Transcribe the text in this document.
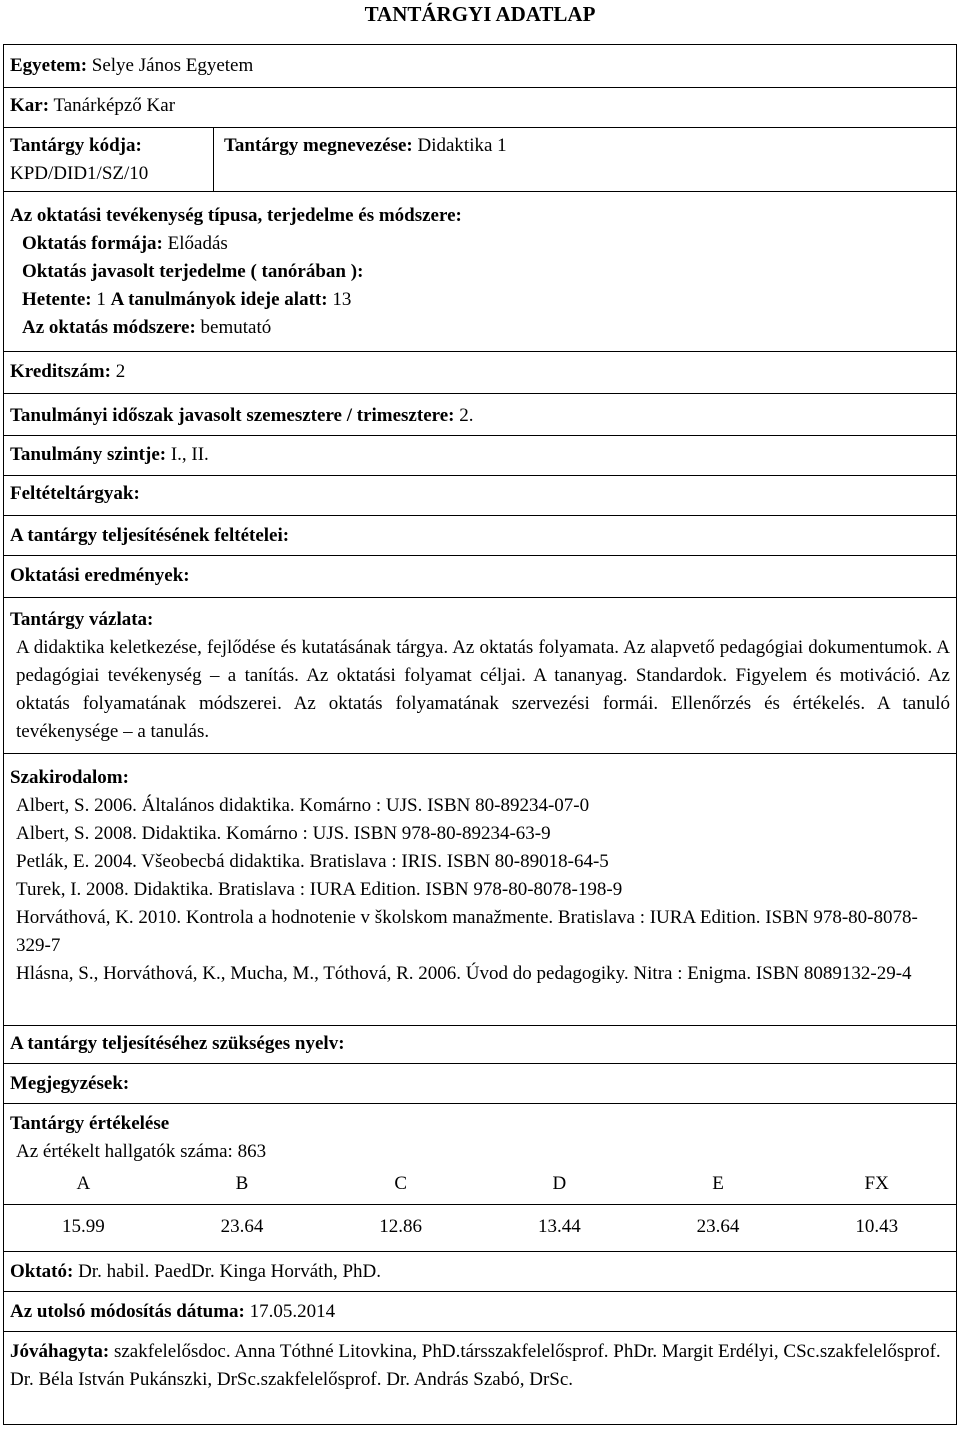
TANTÁRGYI ADATLAP
Egyetem: Selye János Egyetem
Kar: Tanárképző Kar
Tantárgy kódja:
KPD/DID1/SZ/10
Tantárgy megnevezése: Didaktika 1
Az oktatási tevékenység típusa, terjedelme és módszere:
Oktatás formája: Előadás
Oktatás javasolt terjedelme ( tanórában ):
Hetente: 1 A tanulmányok ideje alatt: 13
Az oktatás módszere: bemutató
Kreditszám: 2
Tanulmányi időszak javasolt szemesztere / trimesztere: 2.
Tanulmány szintje: I., II.
Feltételtárgyak:
A tantárgy teljesítésének feltételei:
Oktatási eredmények:
Tantárgy vázlata:
A didaktika keletkezése, fejlődése és kutatásának tárgya. Az oktatás folyamata. Az alapvető pedagógiai dokumentumok. A pedagógiai tevékenység – a tanítás. Az oktatási folyamat céljai. A tananyag. Standardok. Figyelem és motiváció. Az oktatás folyamatának módszerei. Az oktatás folyamatának szervezési formái. Ellenőrzés és értékelés. A tanuló tevékenysége – a tanulás.
Szakirodalom:
Albert, S. 2006. Általános didaktika. Komárno : UJS. ISBN 80-89234-07-0
Albert, S. 2008. Didaktika. Komárno : UJS. ISBN 978-80-89234-63-9
Petlák, E. 2004. Všeobecbá didaktika. Bratislava : IRIS. ISBN 80-89018-64-5
Turek, I. 2008. Didaktika. Bratislava : IURA Edition. ISBN 978-80-8078-198-9
Horváthová, K. 2010. Kontrola a hodnotenie v školskom manažmente. Bratislava : IURA Edition. ISBN 978-80-8078-329-7
Hlásna, S., Horváthová, K., Mucha, M., Tóthová, R. 2006. Úvod do pedagogiky. Nitra : Enigma. ISBN 8089132-29-4
A tantárgy teljesítéséhez szükséges nyelv:
Megjegyzések:
Tantárgy értékelése
Az értékelt hallgatók száma: 863
A	B	C	D	E	FX
15.99	23.64	12.86	13.44	23.64	10.43
Oktató: Dr. habil. PaedDr. Kinga Horváth, PhD.
Az utolsó módosítás dátuma: 17.05.2014
Jóváhagyta: szakfelelősdoc. Anna Tóthné Litovkina, PhD.társszakfelelősprof. PhDr. Margit Erdélyi, CSc.szakfelelősprof. Dr. Béla István Pukánszki, DrSc.szakfelelősprof. Dr. András Szabó, DrSc.
